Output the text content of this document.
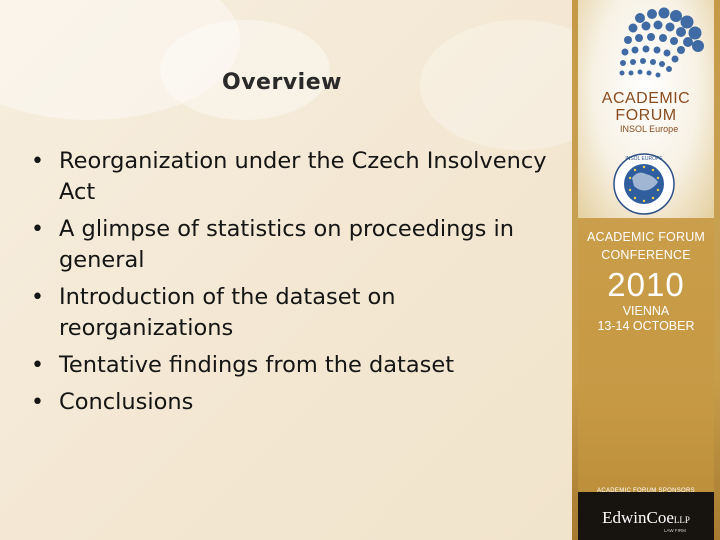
Overview
• Reorganization under the Czech Insolvency Act
• A glimpse of statistics on proceedings in general
• Introduction of the dataset on reorganizations
• Tentative findings from the dataset
• Conclusions
ACADEMIC
FORUM
INSOL Europe
INSOL EUROPE
ACADEMIC FORUM
CONFERENCE
2010
VIENNA
13-14 OCTOBER
ACADEMIC FORUM SPONSORS
EdwinCoeLLP
LAW FIRM
